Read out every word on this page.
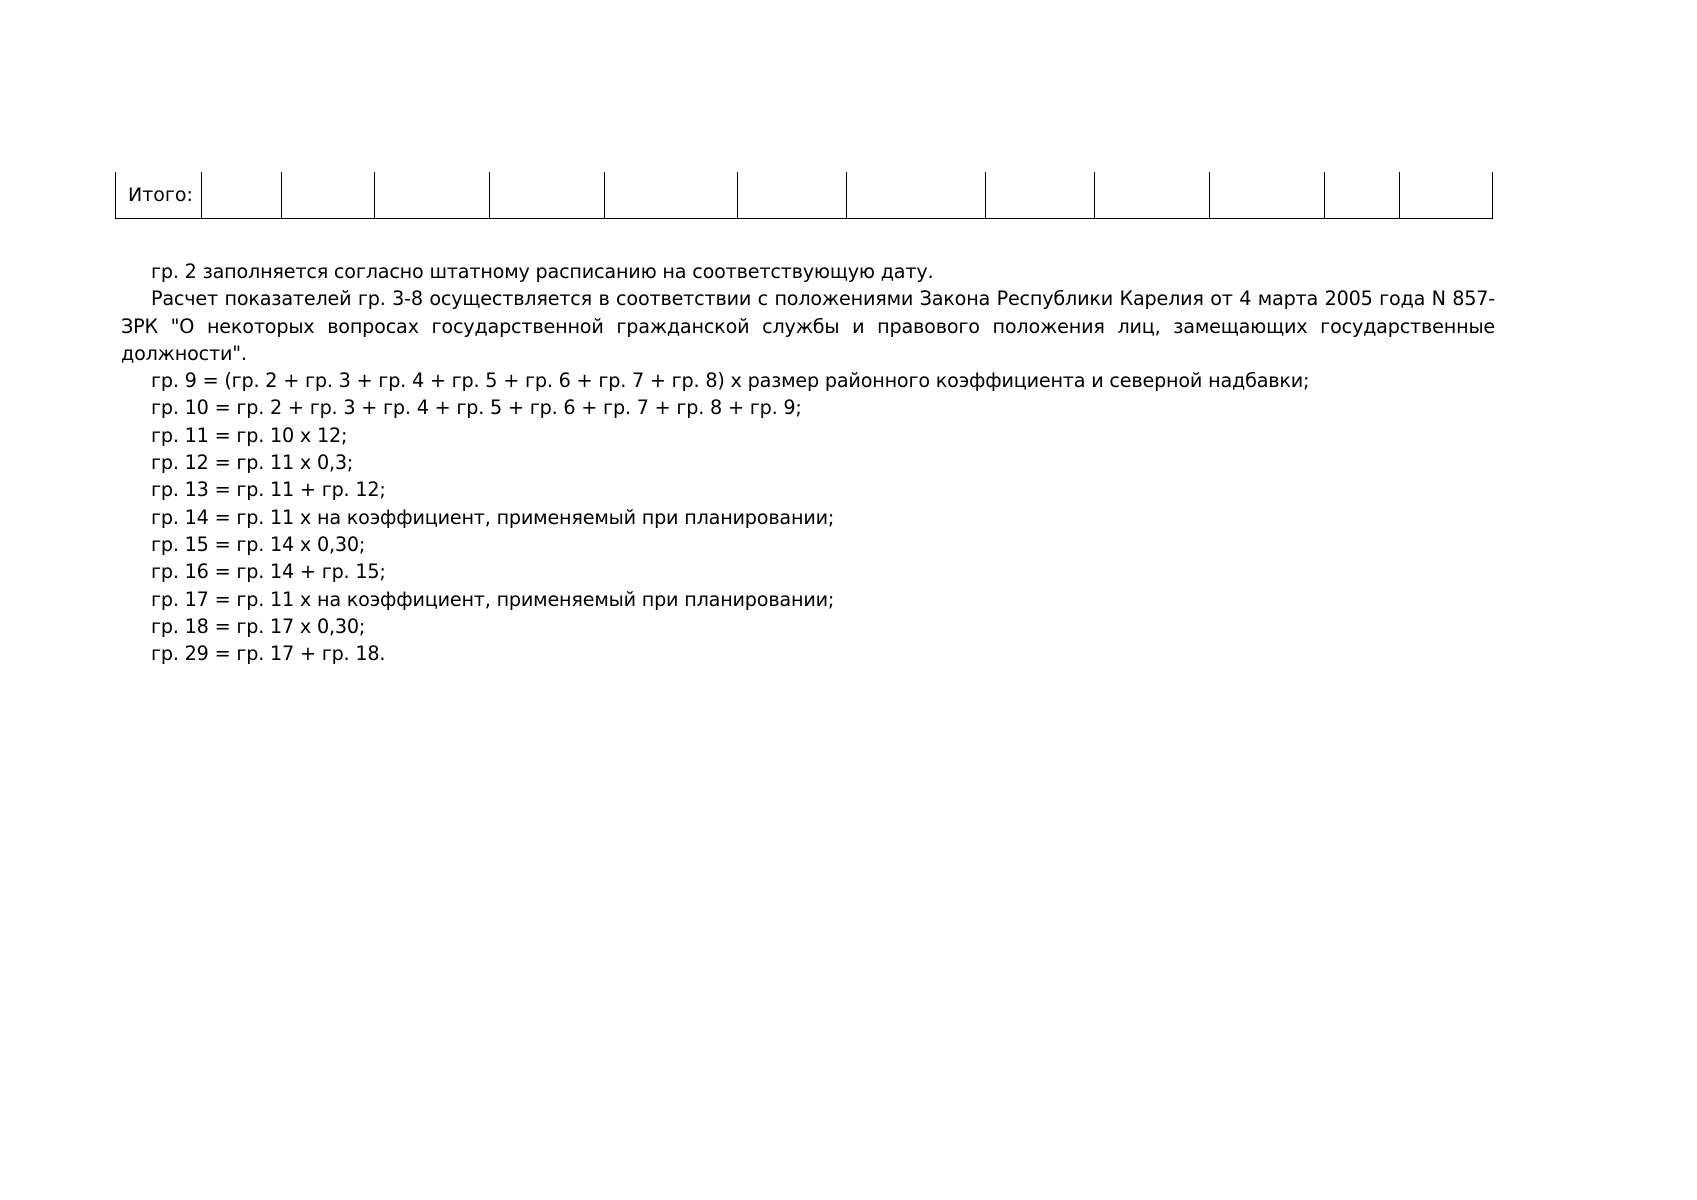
Итого:												

гр. 2 заполняется согласно штатному расписанию на соответствующую дату.

Расчет показателей гр. 3-8 осуществляется в соответствии с положениями Закона Республики Карелия от 4 марта 2005 года N 857-ЗРК "О некоторых вопросах государственной гражданской службы и правового положения лиц, замещающих государственные должности".

гр. 9 = (гр. 2 + гр. 3 + гр. 4 + гр. 5 + гр. 6 + гр. 7 + гр. 8) х размер районного коэффициента и северной надбавки;

гр. 10 = гр. 2 + гр. 3 + гр. 4 + гр. 5 + гр. 6 + гр. 7 + гр. 8 + гр. 9;

гр. 11 = гр. 10 х 12;

гр. 12 = гр. 11 х 0,3;

гр. 13 = гр. 11 + гр. 12;

гр. 14 = гр. 11 х на коэффициент, применяемый при планировании;

гр. 15 = гр. 14 х 0,30;

гр. 16 = гр. 14 + гр. 15;

гр. 17 = гр. 11 х на коэффициент, применяемый при планировании;

гр. 18 = гр. 17 х 0,30;

гр. 29 = гр. 17 + гр. 18.
